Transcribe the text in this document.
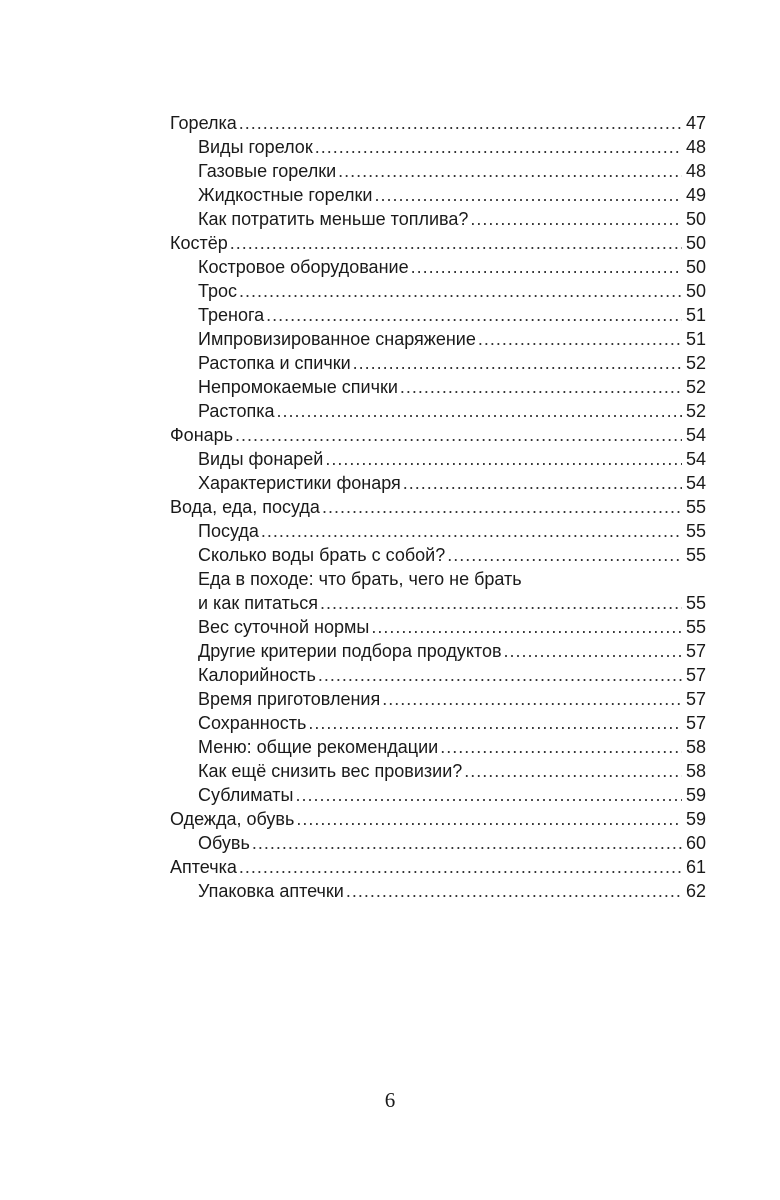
Горелка .....	47
Виды горелок .....	48
Газовые горелки .....	48
Жидкостные горелки .....	49
Как потратить меньше топлива? .....	50
Костёр .....	50
Костровое оборудование .....	50
Трос .....	50
Тренога .....	51
Импровизированное снаряжение .....	51
Растопка и спички .....	52
Непромокаемые спички .....	52
Растопка .....	52
Фонарь .....	54
Виды фонарей .....	54
Характеристики фонаря .....	54
Вода, еда, посуда .....	55
Посуда .....	55
Сколько воды брать с собой? .....	55
Еда в походе: что брать, чего не брать
и как питаться .....	55
Вес суточной нормы .....	55
Другие критерии подбора продуктов .....	57
Калорийность .....	57
Время приготовления .....	57
Сохранность .....	57
Меню: общие рекомендации .....	58
Как ещё снизить вес провизии? .....	58
Сублиматы .....	59
Одежда, обувь .....	59
Обувь .....	60
Аптечка .....	61
Упаковка аптечки .....	62
6
